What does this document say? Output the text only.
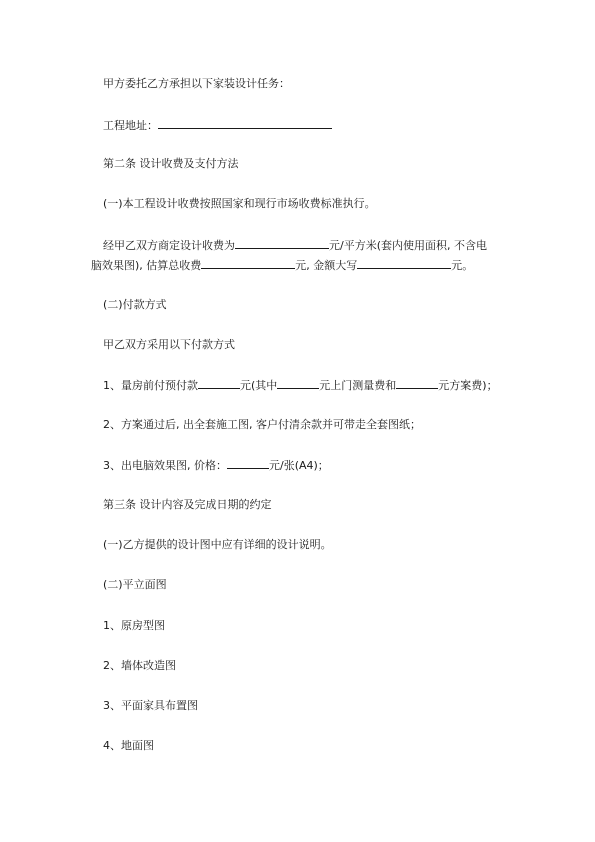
甲方委托乙方承担以下家装设计任务：

工程地址：

第二条 设计收费及支付方法

(一)本工程设计收费按照国家和现行市场收费标准执行。

经甲乙双方商定设计收费为	元/平方米(套内使用面积, 不含电

脑效果图), 估算总收费	元, 金额大写	元。

(二)付款方式

甲乙双方采用以下付款方式

1、量房前付预付款	元(其中	元上门测量费和	元方案费)；

2、方案通过后, 出全套施工图, 客户付清余款并可带走全套图纸；

3、出电脑效果图, 价格：	元/张(A4)；

第三条 设计内容及完成日期的约定

(一)乙方提供的设计图中应有详细的设计说明。

(二)平立面图

1、原房型图

2、墙体改造图

3、平面家具布置图

4、地面图
